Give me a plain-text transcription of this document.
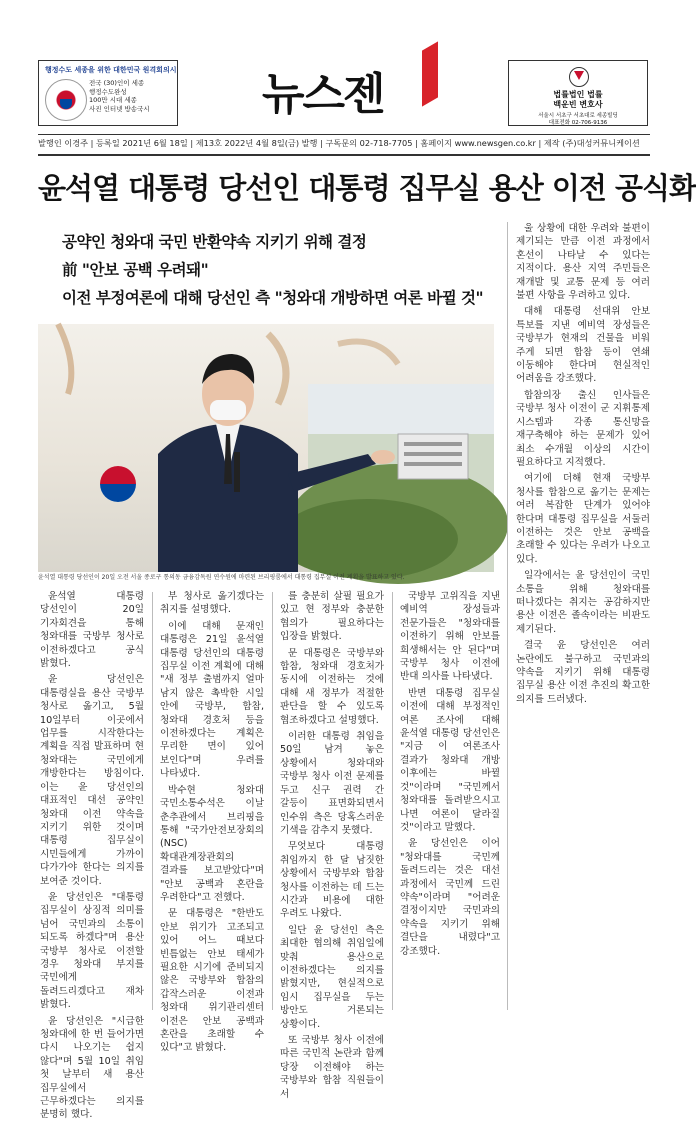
행정수도 세종을 위한 대한민국 원격회의시
전국 (30)인이 세종
행정수도완성
100만 시대 세종
사진 인터넷 방송국시	뉴스젠	법률법인 법률
백운빈 변호사
서울시 서초구 서초대로 세종빌딩
대표전화 02-706-9136
발행인 이경주 | 등록일 2021년 6월 18일 | 제13호 2022년 4월 8일(금) 발행 | 구독문의 02-718-7705 | 홈페이지 www.newsgen.co.kr | 제작 (주)대성커뮤니케이션
윤석열 대통령 당선인 대통령 집무실 용산 이전 공식화
공약인 청와대 국민 반환약속 지키기 위해 결정
前 "안보 공백 우려돼"
이전 부정여론에 대해 당선인 측 "청와대 개방하면 여론 바뀔 것"
윤석열 대통령 당선인이 20일 오전 서울 종로구 통의동 금융감독원 연수원에 마련된 브리핑룸에서 대통령 집무실 이전 계획을 발표하고 있다.

윤석열 대통령 당선인이 20일 기자회견을 통해 청와대를 국방부 청사로 이전하겠다고 공식 밝혔다.

윤 당선인은 대통령실을 용산 국방부 청사로 옮기고, 5월 10일부터 이곳에서 업무를 시작한다는 계획을 직접 발표하며 현 청와대는 국민에게 개방한다는 방침이다. 이는 윤 당선인의 대표적인 대선 공약인 청와대 이전 약속을 지키기 위한 것이며 대통령 집무실이 시민들에게 가까이 다가가야 한다는 의지를 보여준 것이다.

윤 당선인은 "대통령 집무실이 상징적 의미를 넘어 국민과의 소통이 되도록 하겠다"며 용산 국방부 청사로 이전할 경우 청와대 부지를 국민에게 돌려드리겠다고 재차 밝혔다.

윤 당선인은 "시급한 청와대에 한 번 들어가면 다시 나오기는 쉽지 않다"며 5월 10일 취임 첫 날부터 새 용산 집무실에서 근무하겠다는 의지를 분명히 했다.

부 청사로 옮기겠다는 취지를 설명했다.

이에 대해 문재인 대통령은 21일 윤석열 대통령 당선인의 대통령 집무실 이전 계획에 대해 "새 정부 출범까지 얼마 남지 않은 촉박한 시일 안에 국방부, 합참, 청와대 경호처 등을 이전하겠다는 계획은 무리한 면이 있어 보인다"며 우려를 나타냈다.

박수현 청와대 국민소통수석은 이날 춘추관에서 브리핑을 통해 "국가안전보장회의(NSC) 확대관계장관회의 결과를 보고받았다"며 "안보 공백과 혼란을 우려한다"고 전했다.

문 대통령은 "한반도 안보 위기가 고조되고 있어 어느 때보다 빈틈없는 안보 태세가 필요한 시기에 준비되지 않은 국방부와 합참의 갑작스러운 이전과 청와대 위기관리센터 이전은 안보 공백과 혼란을 초래할 수 있다"고 밝혔다.

를 충분히 살필 필요가 있고 현 정부와 충분한 협의가 필요하다는 입장을 밝혔다.

문 대통령은 국방부와 합참, 청와대 경호처가 동시에 이전하는 것에 대해 새 정부가 적절한 판단을 할 수 있도록 협조하겠다고 설명했다.

이러한 대통령 취임을 50일 남겨 놓은 상황에서 청와대와 국방부 청사 이전 문제를 두고 신구 권력 간 갈등이 표면화되면서 인수위 측은 당혹스러운 기색을 감추지 못했다.

무엇보다 대통령 취임까지 한 달 남짓한 상황에서 국방부와 합참 청사를 이전하는 데 드는 시간과 비용에 대한 우려도 나왔다.

일단 윤 당선인 측은 최대한 협의해 취임일에 맞춰 용산으로 이전하겠다는 의지를 밝혔지만, 현실적으로 임시 집무실을 두는 방안도 거론되는 상황이다.

또 국방부 청사 이전에 따른 국민적 논란과 함께 당장 이전해야 하는 국방부와 합참 직원들이 서

국방부 고위직을 지낸 예비역 장성들과 전문가들은 "청와대를 이전하기 위해 안보를 희생해서는 안 된다"며 국방부 청사 이전에 반대 의사를 나타냈다.

반면 대통령 집무실 이전에 대해 부정적인 여론 조사에 대해 윤석열 대통령 당선인은 "지금 이 여론조사 결과가 청와대 개방 이후에는 바뀔 것"이라며 "국민께서 청와대를 돌려받으시고 나면 여론이 달라질 것"이라고 말했다.

윤 당선인은 이어 "청와대를 국민께 돌려드리는 것은 대선 과정에서 국민께 드린 약속"이라며 "어려운 결정이지만 국민과의 약속을 지키기 위해 결단을 내렸다"고 강조했다.

울 상황에 대한 우려와 불편이 제기되는 만큼 이전 과정에서 혼선이 나타날 수 있다는 지적이다. 용산 지역 주민들은 재개발 및 교통 문제 등 여러 불편 사항을 우려하고 있다.

대해 대통령 선대위 안보 특보를 지낸 예비역 장성들은 국방부가 현재의 건물을 비워 주게 되면 합참 등이 연쇄 이동해야 한다며 현실적인 어려움을 강조했다.

합참의장 출신 인사들은 국방부 청사 이전이 군 지휘통제 시스템과 각종 통신망을 재구축해야 하는 문제가 있어 최소 수개월 이상의 시간이 필요하다고 지적했다.

여기에 더해 현재 국방부 청사를 합참으로 옮기는 문제는 여러 복잡한 단계가 있어야 한다며 대통령 집무실을 서둘러 이전하는 것은 안보 공백을 초래할 수 있다는 우려가 나오고 있다.

일각에서는 윤 당선인이 국민 소통을 위해 청와대를 떠나겠다는 취지는 공감하지만 용산 이전은 졸속이라는 비판도 제기된다.

결국 윤 당선인은 여러 논란에도 불구하고 국민과의 약속을 지키기 위해 대통령 집무실 용산 이전 추진의 확고한 의지를 드러냈다.
